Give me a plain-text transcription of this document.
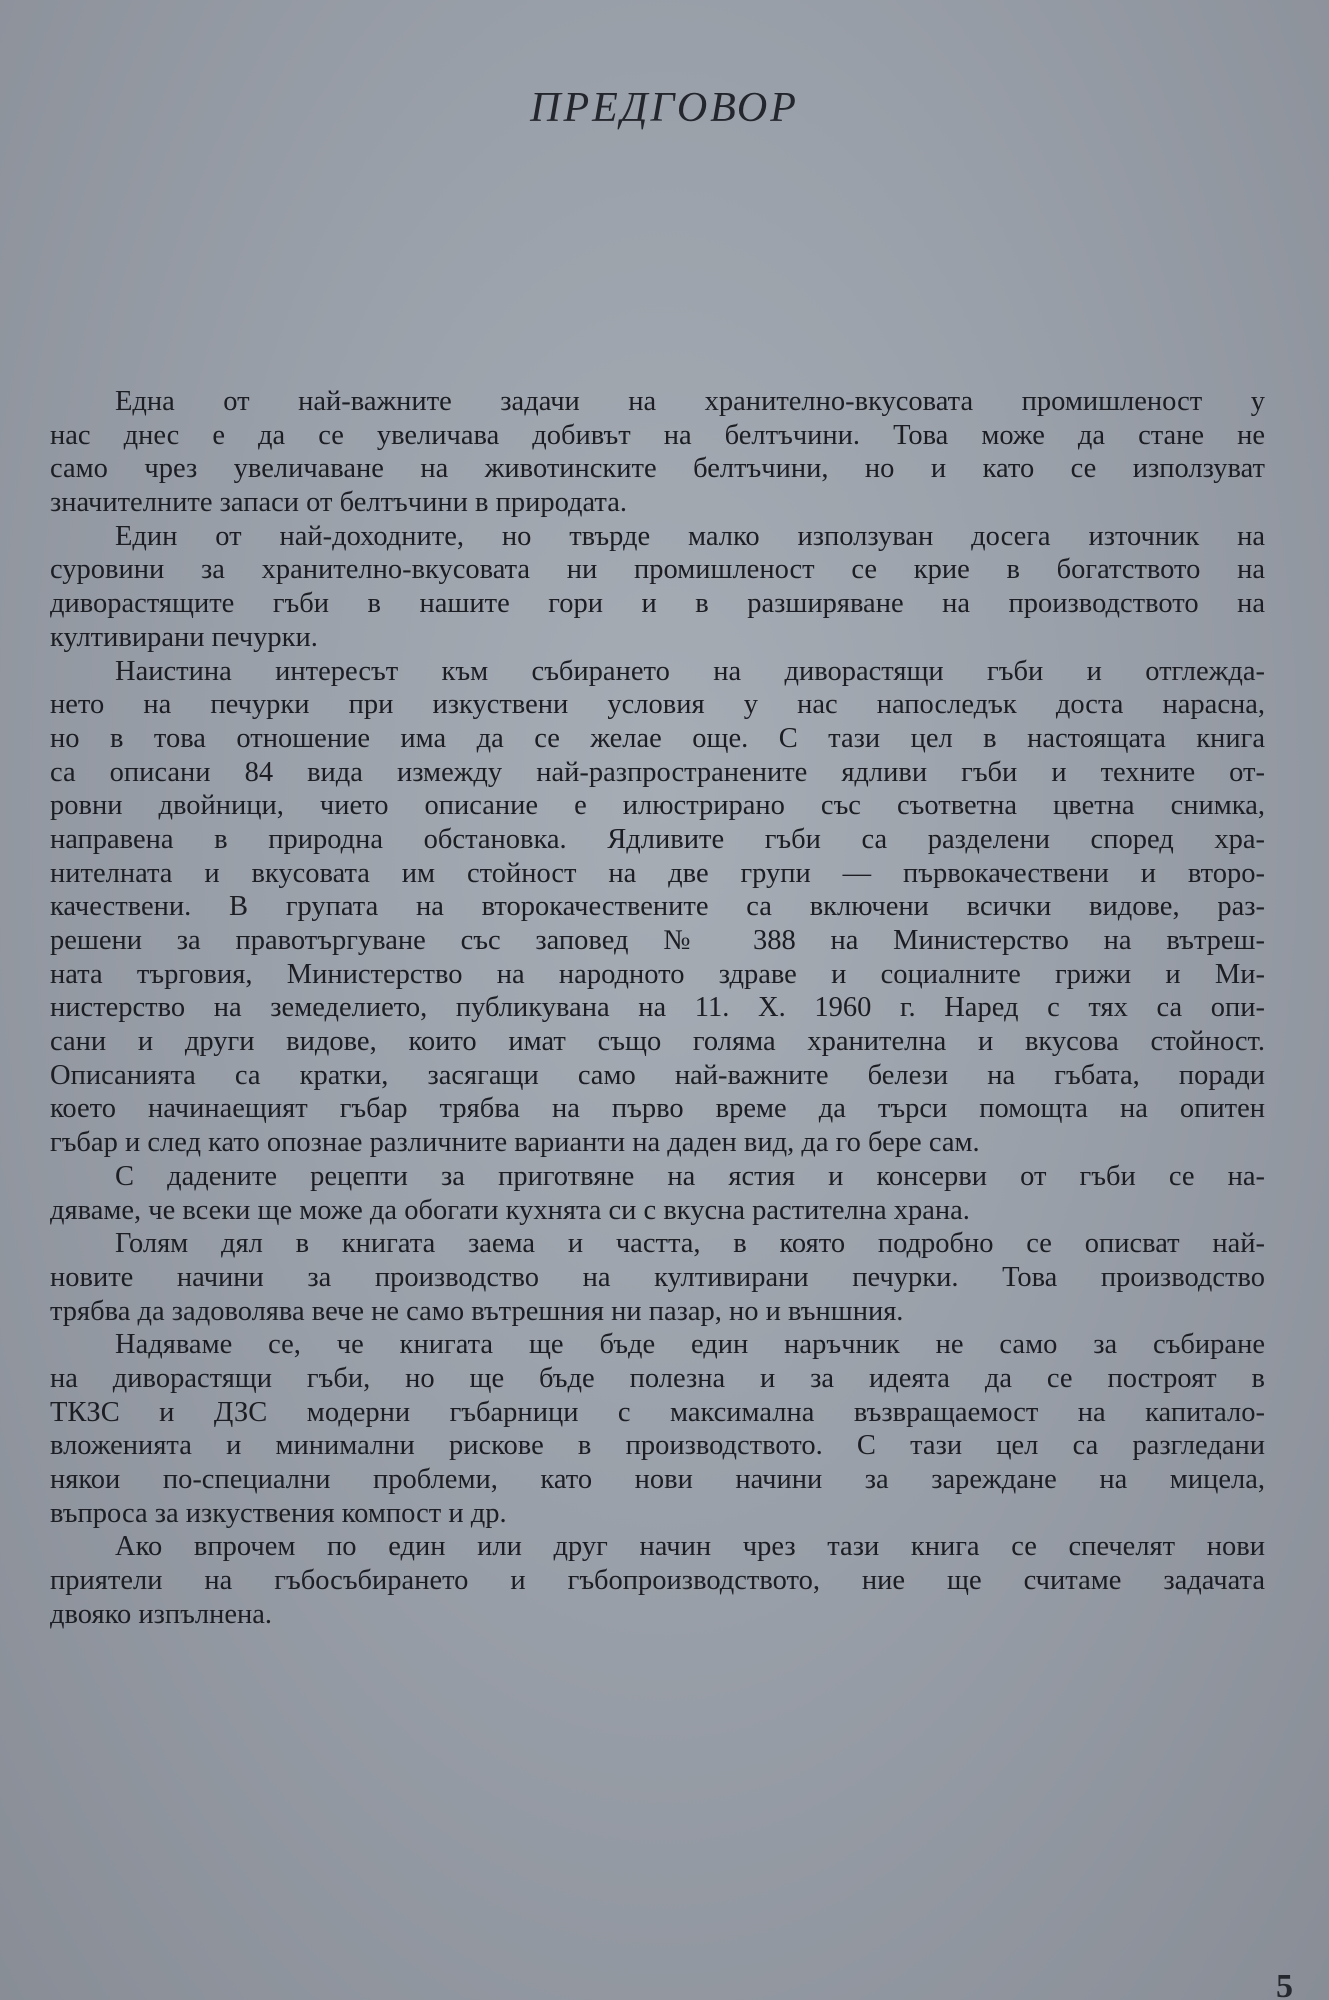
ПРЕДГОВОР
Една от най-важните задачи на хранително-вкусовата промишленост у
нас днес е да се увеличава добивът на белтъчини. Това може да стане не
само чрез увеличаване на животинските белтъчини, но и като се използуват
значителните запаси от белтъчини в природата.
Един от най-доходните, но твърде малко използуван досега източник на
суровини за хранително-вкусовата ни промишленост се крие в богатството на
диворастящите гъби в нашите гори и в разширяване на производството на
култивирани печурки.
Наистина интересът към събирането на диворастящи гъби и отглежда-
нето на печурки при изкуствени условия у нас напоследък доста нарасна,
но в това отношение има да се желае още. С тази цел в настоящата книга
са описани 84 вида измежду най-разпространените ядливи гъби и техните от-
ровни двойници, чието описание е илюстрирано със съответна цветна снимка,
направена в природна обстановка. Ядливите гъби са разделени според хра-
нителната и вкусовата им стойност на две групи — първокачествени и второ-
качествени. В групата на второкачествените са включени всички видове, раз-
решени за правотъргуване със заповед № 388 на Министерство на вътреш-
ната търговия, Министерство на народното здраве и социалните грижи и Ми-
нистерство на земеделието, публикувана на 11. X. 1960 г. Наред с тях са опи-
сани и други видове, които имат също голяма хранителна и вкусова стойност.
Описанията са кратки, засягащи само най-важните белези на гъбата, поради
което начинаещият гъбар трябва на първо време да търси помощта на опитен
гъбар и след като опознае различните варианти на даден вид, да го бере сам.
С дадените рецепти за приготвяне на ястия и консерви от гъби се на-
дяваме, че всеки ще може да обогати кухнята си с вкусна растителна храна.
Голям дял в книгата заема и частта, в която подробно се описват най-
новите начини за производство на култивирани печурки. Това производство
трябва да задоволява вече не само вътрешния ни пазар, но и външния.
Надяваме се, че книгата ще бъде един наръчник не само за събиране
на диворастящи гъби, но ще бъде полезна и за идеята да се построят в
ТКЗС и ДЗС модерни гъбарници с максимална възвращаемост на капитало-
вложенията и минимални рискове в производството. С тази цел са разгледани
някои по-специални проблеми, като нови начини за зареждане на мицела,
въпроса за изкуствения компост и др.
Ако впрочем по един или друг начин чрез тази книга се спечелят нови
приятели на гъбосъбирането и гъбопроизводството, ние ще считаме задачата
двояко изпълнена.
5
